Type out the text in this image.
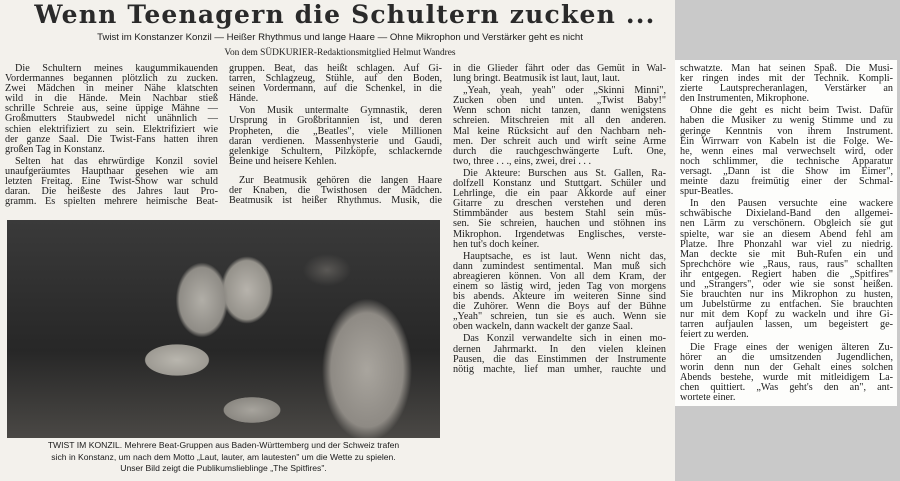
Wenn Teenagern die Schultern zucken ...
Twist im Konstanzer Konzil — Heißer Rhythmus und lange Haare — Ohne Mikrophon und Verstärker geht es nicht
Von dem SÜDKURIER-Redaktionsmitglied Helmut Wandres
Die Schultern meines kaugummikauenden
Vordermannes begannen plötzlich zu zucken.
Zwei Mädchen in meiner Nähe klatschten
wild in die Hände. Mein Nachbar stieß
schrille Schreie aus, seine üppige Mähne —
Großmutters Staubwedel nicht unähnlich —
schien elektrifiziert zu sein. Elektrifiziert wie
der ganze Saal. Die Twist-Fans hatten ihren
großen Tag in Konstanz.
Selten hat das ehrwürdige Konzil soviel
unaufgeräumtes Haupthaar gesehen wie am
letzten Freitag. Eine Twist-Show war schuld
daran. Die heißeste des Jahres laut Pro-
gramm. Es spielten mehrere heimische Beat-
gruppen. Beat, das heißt schlagen. Auf Gi-
tarren, Schlagzeug, Stühle, auf den Boden,
seinen Vordermann, auf die Schenkel, in die
Hände.
Von Musik untermalte Gymnastik, deren
Ursprung in Großbritannien ist, und deren
Propheten, die „Beatles", viele Millionen
daran verdienen. Massenhysterie und Gaudi,
gelenkige Schultern, Pilzköpfe, schlackernde
Beine und heisere Kehlen.
Zur Beatmusik gehören die langen Haare
der Knaben, die Twisthosen der Mädchen.
Beatmusik ist heißer Rhythmus. Musik, die
in die Glieder fährt oder das Gemüt in Wal-
lung bringt. Beatmusik ist laut, laut, laut.
„Yeah, yeah, yeah" oder „Skinni Minni",
Zucken oben und unten. „Twist Baby!"
Wenn schon nicht tanzen, dann wenigstens
schreien. Mitschreien mit all den anderen.
Mal keine Rücksicht auf den Nachbarn neh-
men. Der schreit auch und wirft seine Arme
durch die rauchgeschwängerte Luft. One,
two, three . . ., eins, zwei, drei . . .
Die Akteure: Burschen aus St. Gallen, Ra-
dolfzell Konstanz und Stuttgart. Schüler und
Lehrlinge, die ein paar Akkorde auf einer
Gitarre zu dreschen verstehen und deren
Stimmbänder aus bestem Stahl sein müs-
sen. Sie schreien, hauchen und stöhnen ins
Mikrophon. Irgendetwas Englisches, verste-
hen tut's doch keiner.
Hauptsache, es ist laut. Wenn nicht das,
dann zumindest sentimental. Man muß sich
abreagieren können. Von all dem Kram, der
einem so lästig wird, jeden Tag von morgens
bis abends. Akteure im weiteren Sinne sind
die Zuhörer. Wenn die Boys auf der Bühne
„Yeah" schreien, tun sie es auch. Wenn sie
oben wackeln, dann wackelt der ganze Saal.
Das Konzil verwandelte sich in einen mo-
dernen Jahrmarkt. In den vielen kleinen
Pausen, die das Einstimmen der Instrumente
nötig machte, lief man umher, rauchte und
schwatzte. Man hat seinen Spaß. Die Musi-
ker ringen indes mit der Technik. Kompli-
zierte Lautsprecheranlagen, Verstärker an
den Instrumenten, Mikrophone.
Ohne die geht es nicht beim Twist. Dafür
haben die Musiker zu wenig Stimme und zu
geringe Kenntnis von ihrem Instrument.
Ein Wirrwarr von Kabeln ist die Folge. We-
he, wenn eines mal verwechselt wird, oder
noch schlimmer, die technische Apparatur
versagt. „Dann ist die Show im Eimer",
meinte dazu freimütig einer der Schmal-
spur-Beatles.
In den Pausen versuchte eine wackere
schwäbische Dixieland-Band den allgemei-
nen Lärm zu verschönern. Obgleich sie gut
spielte, war sie an diesem Abend fehl am
Platze. Ihre Phonzahl war viel zu niedrig.
Man deckte sie mit Buh-Rufen ein und
Sprechchöre wie „Raus, raus, raus" schallten
ihr entgegen. Regiert haben die „Spitfires"
und „Strangers", oder wie sie sonst heißen.
Sie brauchten nur ins Mikrophon zu husten,
um Jubelstürme zu entfachen. Sie brauchten
nur mit dem Kopf zu wackeln und ihre Gi-
tarren aufjaulen lassen, um begeistert ge-
feiert zu werden.
Die Frage eines der wenigen älteren Zu-
hörer an die umsitzenden Jugendlichen,
worin denn nun der Gehalt eines solchen
Abends bestehe, wurde mit mitleidigem La-
chen quittiert. „Was geht's den an", ant-
wortete einer.
TWIST IM KONZIL. Mehrere Beat-Gruppen aus Baden-Württemberg und der Schweiz trafen
sich in Konstanz, um nach dem Motto „Laut, lauter, am lautesten" um die Wette zu spielen.
Unser Bild zeigt die Publikumslieblinge „The Spitfires".
